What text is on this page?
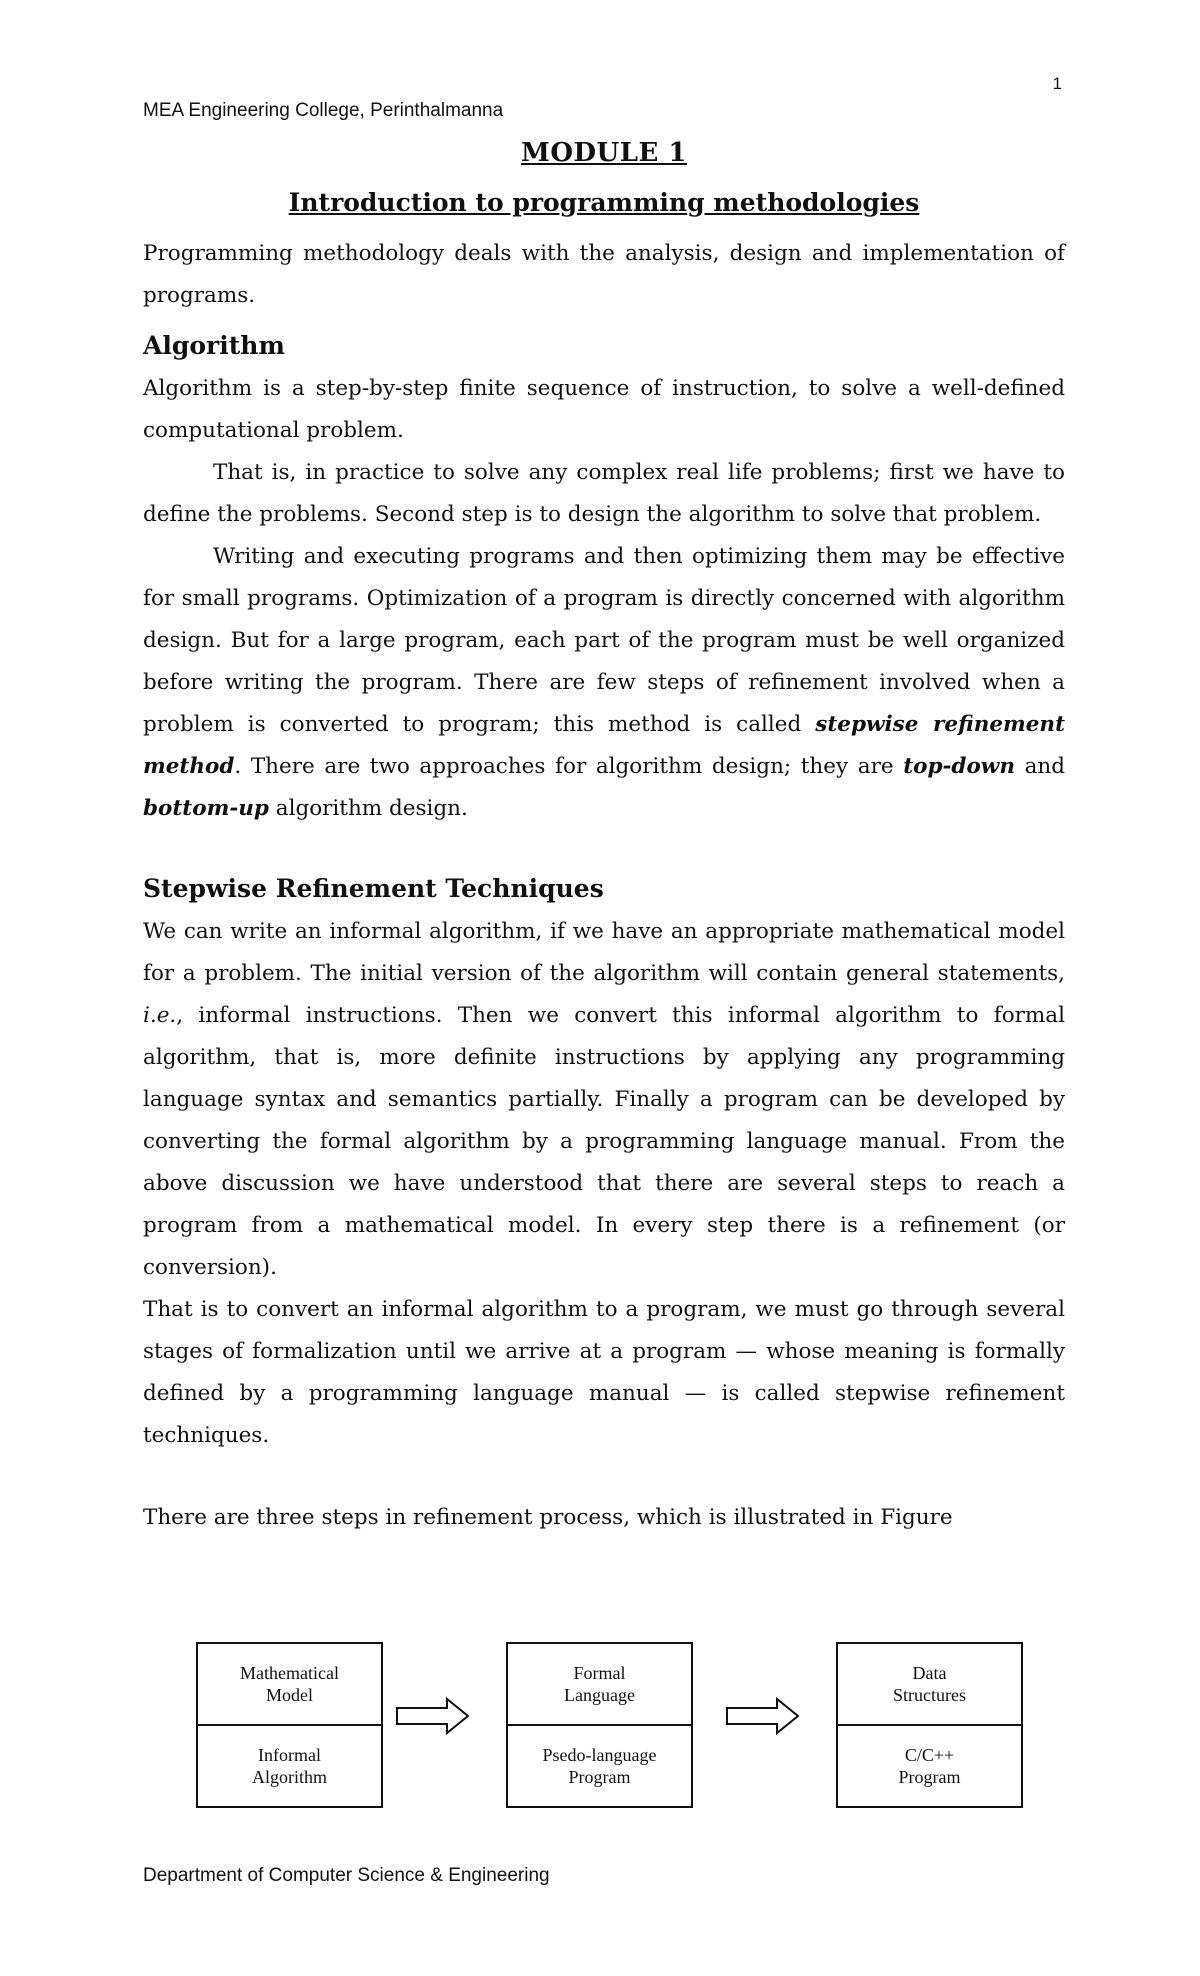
1
MEA Engineering College, Perinthalmanna
MODULE 1
Introduction to programming methodologies

Programming methodology deals with the analysis, design and implementation of programs.

Algorithm

Algorithm is a step-by-step finite sequence of instruction, to solve a well-defined computational problem.

That is, in practice to solve any complex real life problems; first we have to define the problems. Second step is to design the algorithm to solve that problem.

Writing and executing programs and then optimizing them may be effective for small programs. Optimization of a program is directly concerned with algorithm design. But for a large program, each part of the program must be well organized before writing the program. There are few steps of refinement involved when a problem is converted to program; this method is called stepwise refinement method. There are two approaches for algorithm design; they are top-down and bottom-up algorithm design.

Stepwise Refinement Techniques

We can write an informal algorithm, if we have an appropriate mathematical model for a problem. The initial version of the algorithm will contain general statements, i.e., informal instructions. Then we convert this informal algorithm to formal algorithm, that is, more definite instructions by applying any programming language syntax and semantics partially. Finally a program can be developed by converting the formal algorithm by a programming language manual. From the above discussion we have understood that there are several steps to reach a program from a mathematical model. In every step there is a refinement (or conversion).

That is to convert an informal algorithm to a program, we must go through several stages of formalization until we arrive at a program — whose meaning is formally defined by a programming language manual — is called stepwise refinement techniques.

There are three steps in refinement process, which is illustrated in Figure

Mathematical
Model
Informal
Algorithm
Formal
Language
Psedo-language
Program
Data
Structures
C/C++
Program
Department of Computer Science & Engineering
